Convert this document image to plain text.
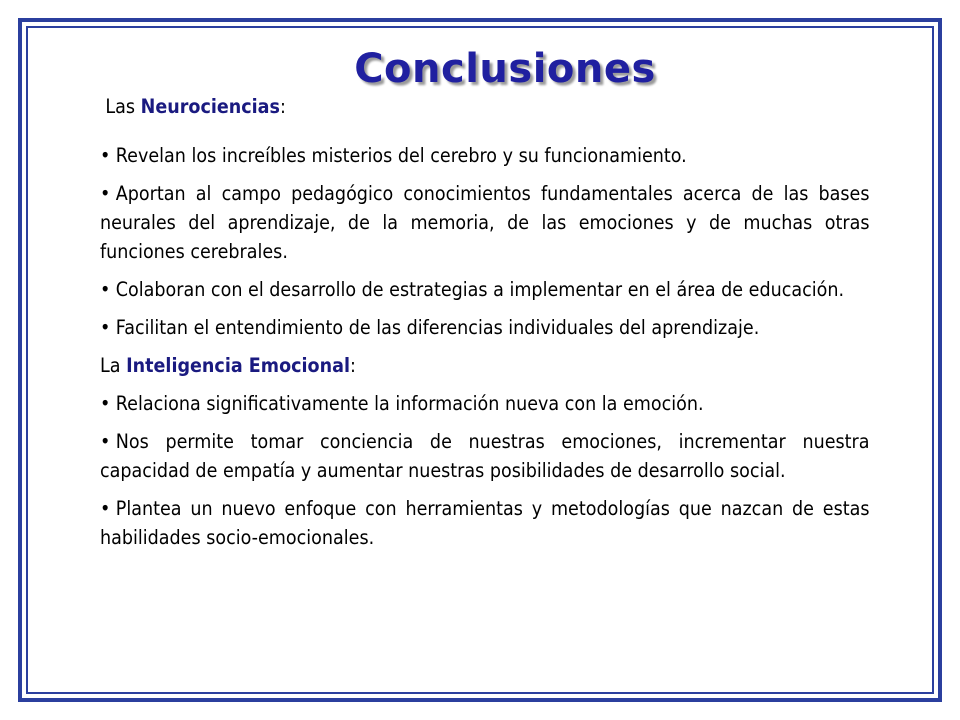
Conclusiones

Las Neurociencias:

• Revelan los increíbles misterios del cerebro y su funcionamiento.

• Aportan al campo pedagógico conocimientos fundamentales acerca de las bases neurales del aprendizaje, de la memoria, de las emociones y de muchas otras funciones cerebrales.

• Colaboran con el desarrollo de estrategias a implementar en el área de educación.

• Facilitan el entendimiento de las diferencias individuales del aprendizaje.

La Inteligencia Emocional:

• Relaciona significativamente la información nueva con la emoción.

• Nos permite tomar conciencia de nuestras emociones, incrementar nuestra capacidad de empatía y aumentar nuestras posibilidades de desarrollo social.

• Plantea un nuevo enfoque con herramientas y metodologías que nazcan de estas habilidades socio-emocionales.
